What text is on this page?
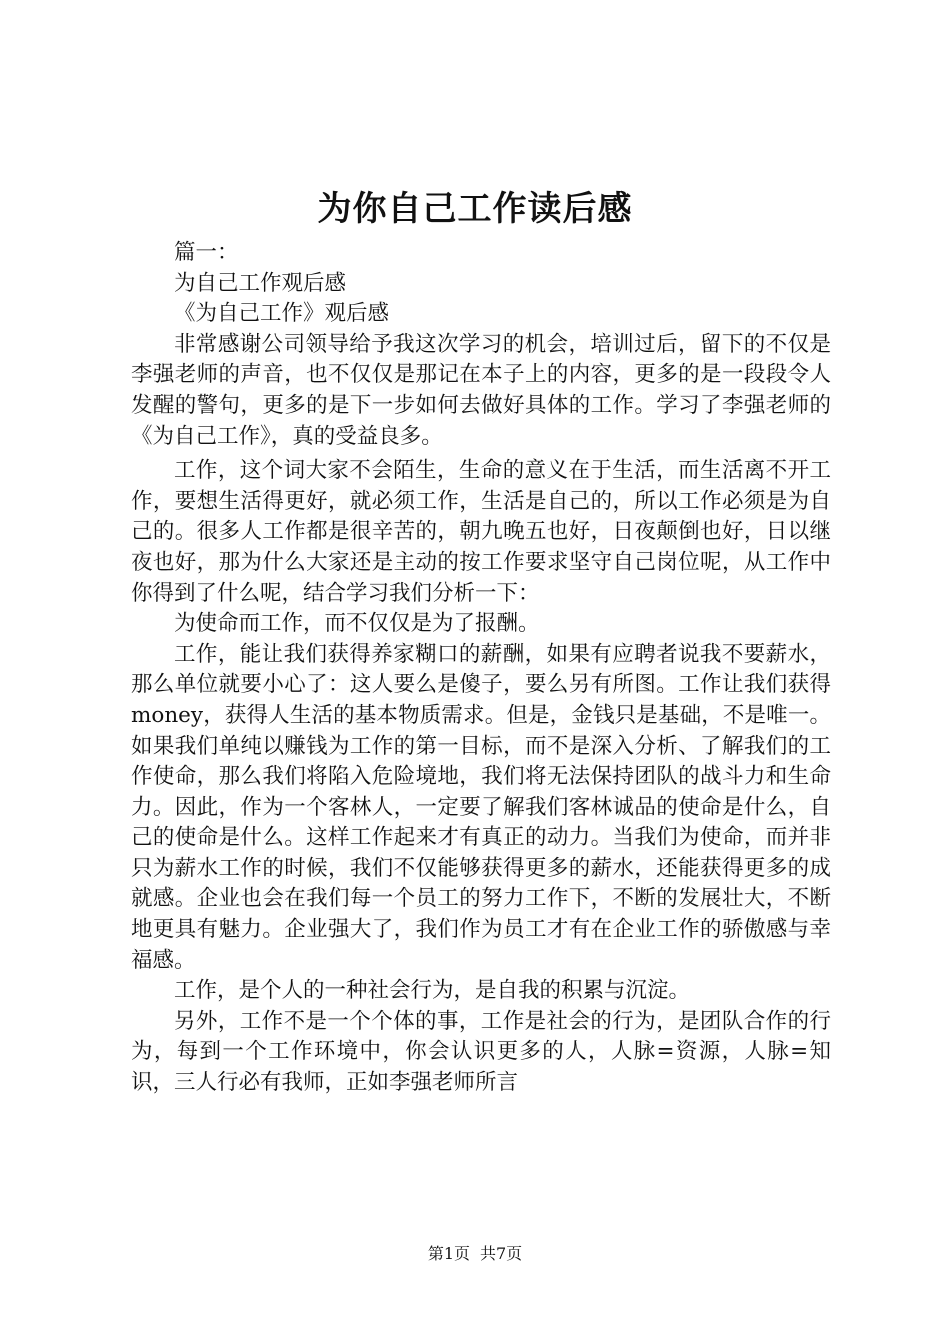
为你自己工作读后感

篇一：

为自己工作观后感

《为自己工作》观后感

非常感谢公司领导给予我这次学习的机会，培训过后，留下的不仅是李强老师的声音，也不仅仅是那记在本子上的内容，更多的是一段段令人发醒的警句，更多的是下一步如何去做好具体的工作。学习了李强老师的《为自己工作》，真的受益良多。

工作，这个词大家不会陌生，生命的意义在于生活，而生活离不开工作，要想生活得更好，就必须工作，生活是自己的，所以工作必须是为自己的。很多人工作都是很辛苦的，朝九晚五也好，日夜颠倒也好，日以继夜也好，那为什么大家还是主动的按工作要求坚守自己岗位呢，从工作中你得到了什么呢，结合学习我们分析一下：

为使命而工作，而不仅仅是为了报酬。

工作，能让我们获得养家糊口的薪酬，如果有应聘者说我不要薪水，那么单位就要小心了：这人要么是傻子，要么另有所图。工作让我们获得money，获得人生活的基本物质需求。但是，金钱只是基础，不是唯一。如果我们单纯以赚钱为工作的第一目标，而不是深入分析、了解我们的工作使命，那么我们将陷入危险境地，我们将无法保持团队的战斗力和生命力。因此，作为一个客林人，一定要了解我们客林诚品的使命是什么，自己的使命是什么。这样工作起来才有真正的动力。当我们为使命，而并非只为薪水工作的时候，我们不仅能够获得更多的薪水，还能获得更多的成就感。企业也会在我们每一个员工的努力工作下，不断的发展壮大，不断地更具有魅力。企业强大了，我们作为员工才有在企业工作的骄傲感与幸福感。

工作，是个人的一种社会行为，是自我的积累与沉淀。

另外，工作不是一个个体的事，工作是社会的行为，是团队合作的行为，每到一个工作环境中，你会认识更多的人，人脉=资源，人脉=知识，三人行必有我师，正如李强老师所言

第1页 共7页
